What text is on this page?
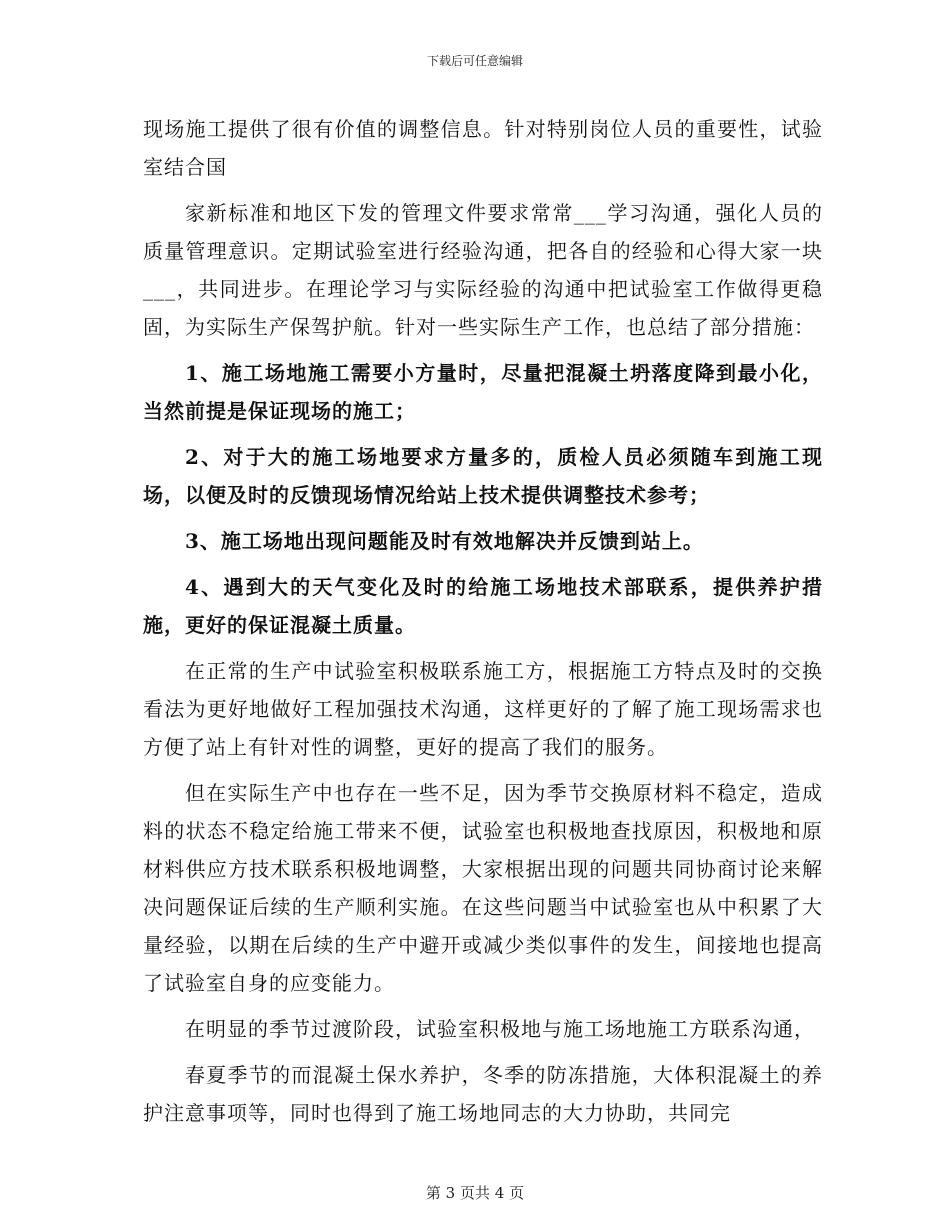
下载后可任意编辑

现场施工提供了很有价值的调整信息。针对特别岗位人员的重要性，试验室结合国

家新标准和地区下发的管理文件要求常常___学习沟通，强化人员的质量管理意识。定期试验室进行经验沟通，把各自的经验和心得大家一块___，共同进步。在理论学习与实际经验的沟通中把试验室工作做得更稳固，为实际生产保驾护航。针对一些实际生产工作，也总结了部分措施：

1、施工场地施工需要小方量时，尽量把混凝土坍落度降到最小化，当然前提是保证现场的施工；

2、对于大的施工场地要求方量多的，质检人员必须随车到施工现场，以便及时的反馈现场情况给站上技术提供调整技术参考；

3、施工场地出现问题能及时有效地解决并反馈到站上。

4、遇到大的天气变化及时的给施工场地技术部联系，提供养护措施，更好的保证混凝土质量。

在正常的生产中试验室积极联系施工方，根据施工方特点及时的交换看法为更好地做好工程加强技术沟通，这样更好的了解了施工现场需求也方便了站上有针对性的调整，更好的提高了我们的服务。

但在实际生产中也存在一些不足，因为季节交换原材料不稳定，造成料的状态不稳定给施工带来不便，试验室也积极地查找原因，积极地和原材料供应方技术联系积极地调整，大家根据出现的问题共同协商讨论来解决问题保证后续的生产顺利实施。在这些问题当中试验室也从中积累了大量经验，以期在后续的生产中避开或减少类似事件的发生，间接地也提高了试验室自身的应变能力。

在明显的季节过渡阶段，试验室积极地与施工场地施工方联系沟通，

春夏季节的而混凝土保水养护，冬季的防冻措施，大体积混凝土的养护注意事项等，同时也得到了施工场地同志的大力协助，共同完

第 3 页共 4 页
